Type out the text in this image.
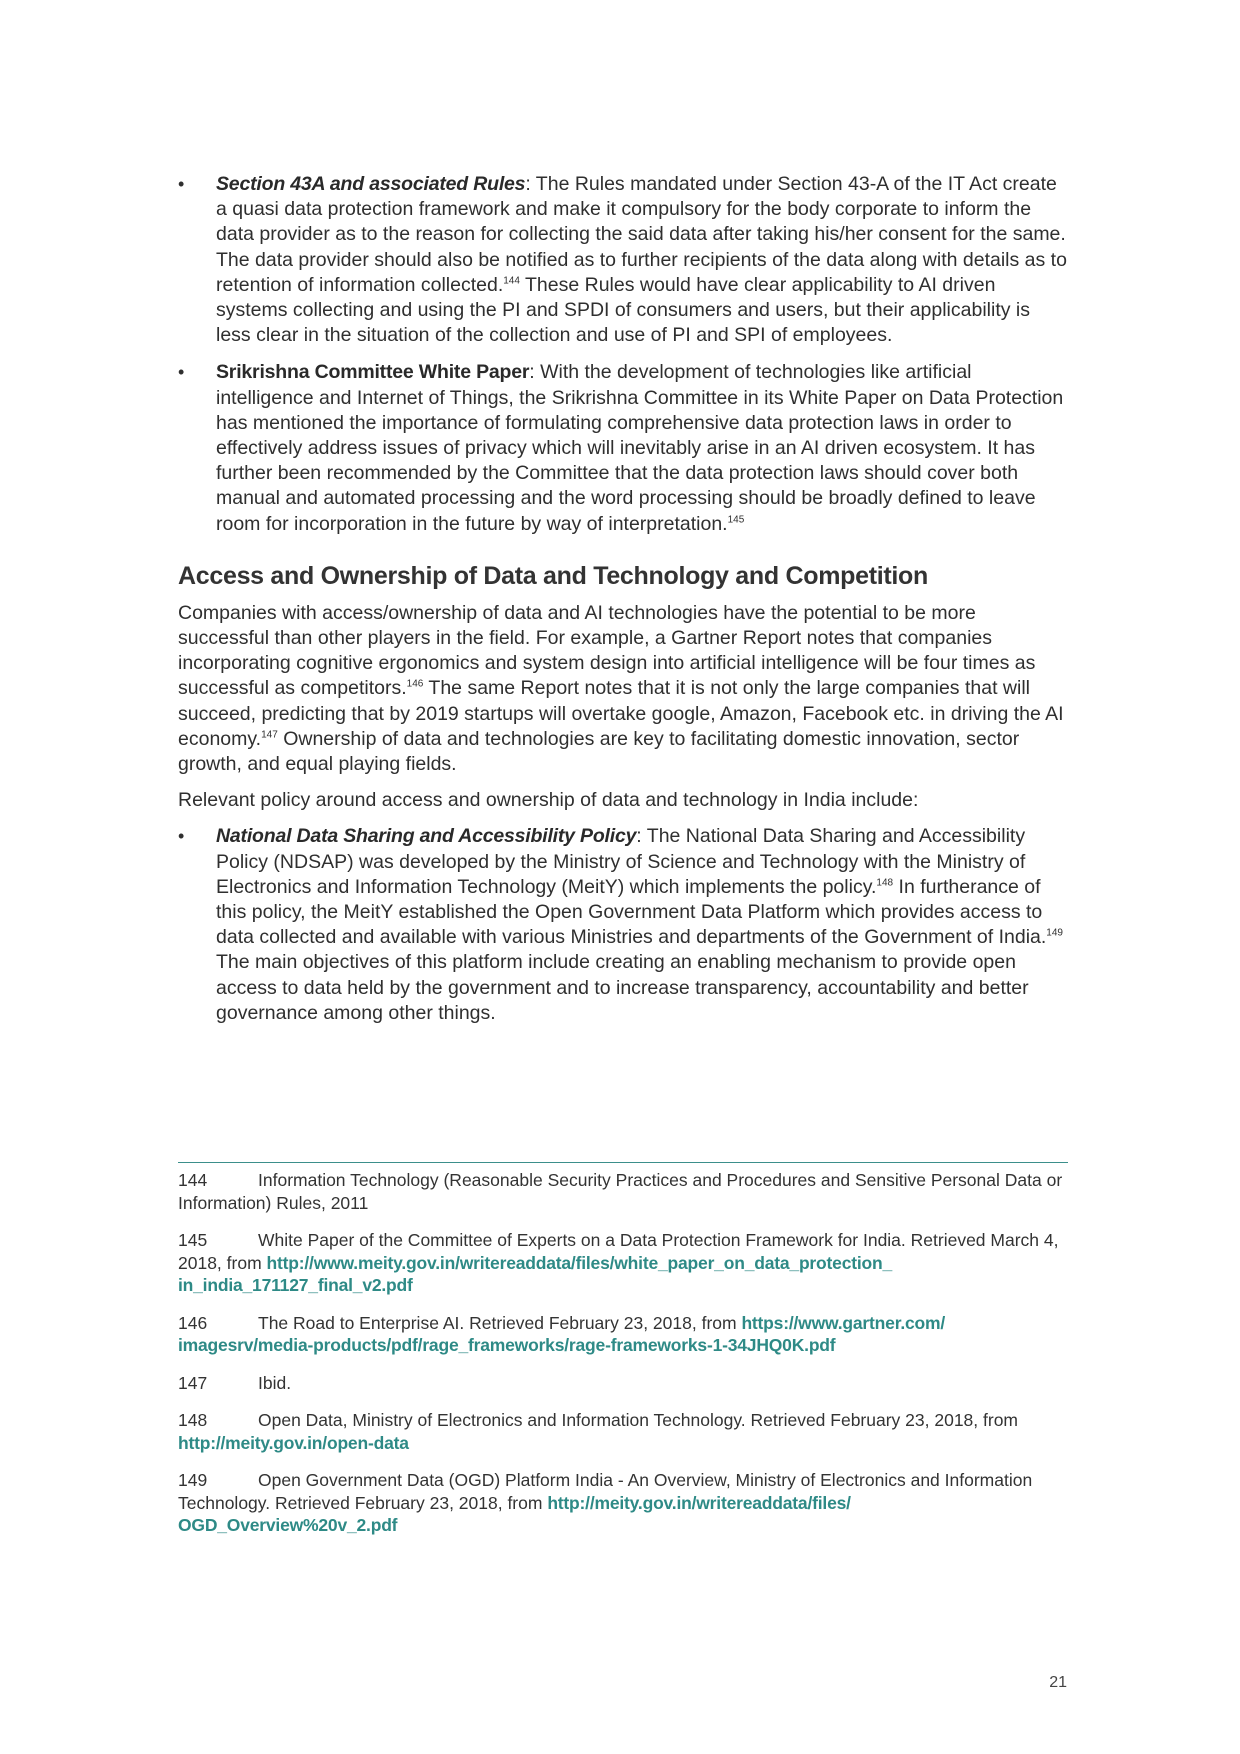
•	Section 43A and associated Rules: The Rules mandated under Section 43-A of the IT Act create a quasi data protection framework and make it compulsory for the body corporate to inform the data provider as to the reason for collecting the said data after taking his/her consent for the same. The data provider should also be notified as to further recipients of the data along with details as to retention of information collected.$^{144}$ These Rules would have clear applicability to AI driven systems collecting and using the PI and SPDI of consumers and users, but their applicability is less clear in the situation of the collection and use of PI and SPI of employees.
•	Srikrishna Committee White Paper: With the development of technologies like artificial intelligence and Internet of Things, the Srikrishna Committee in its White Paper on Data Protection has mentioned the importance of formulating comprehensive data protection laws in order to effectively address issues of privacy which will inevitably arise in an AI driven ecosystem. It has further been recommended by the Committee that the data protection laws should cover both manual and automated processing and the word processing should be broadly defined to leave room for incorporation in the future by way of interpretation.$^{145}$
Access and Ownership of Data and Technology and Competition

Companies with access/ownership of data and AI technologies have the potential to be more successful than other players in the field. For example, a Gartner Report notes that companies incorporating cognitive ergonomics and system design into artificial intelligence will be four times as successful as competitors.$^{146}$ The same Report notes that it is not only the large companies that will succeed, predicting that by 2019 startups will overtake google, Amazon, Facebook etc. in driving the AI economy.$^{147}$ Ownership of data and technologies are key to facilitating domestic innovation, sector growth, and equal playing fields.

Relevant policy around access and ownership of data and technology in India include:

•	National Data Sharing and Accessibility Policy: The National Data Sharing and Accessibility Policy (NDSAP) was developed by the Ministry of Science and Technology with the Ministry of Electronics and Information Technology (MeitY) which implements the policy.$^{148}$ In furtherance of this policy, the MeitY established the Open Government Data Platform which provides access to data collected and available with various Ministries and departments of the Government of India.$^{149}$ The main objectives of this platform include creating an enabling mechanism to provide open access to data held by the government and to increase transparency, accountability and better governance among other things.
144	Information Technology (Reasonable Security Practices and Procedures and Sensitive Personal Data or Information) Rules, 2011
145	White Paper of the Committee of Experts on a Data Protection Framework for India. Retrieved March 4, 2018, from http://www.meity.gov.in/writereaddata/files/white_paper_on_data_protection_ in_india_171127_final_v2.pdf
146	The Road to Enterprise AI. Retrieved February 23, 2018, from https://www.gartner.com/ imagesrv/media-products/pdf/rage_frameworks/rage-frameworks-1-34JHQ0K.pdf
147	Ibid.
148	Open Data, Ministry of Electronics and Information Technology. Retrieved February 23, 2018, from http://meity.gov.in/open-data
149	Open Government Data (OGD) Platform India - An Overview, Ministry of Electronics and Information Technology. Retrieved February 23, 2018, from http://meity.gov.in/writereaddata/files/ OGD_Overview%20v_2.pdf
21
